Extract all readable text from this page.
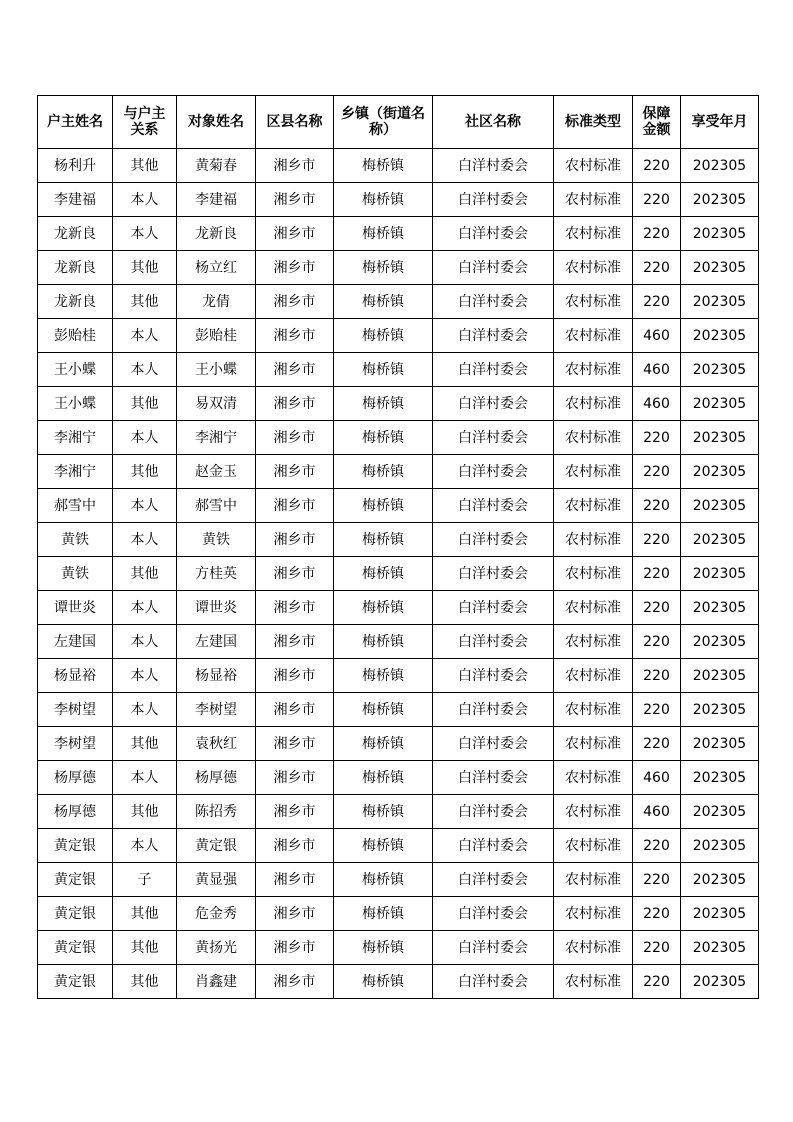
户主姓名	与户主关系	对象姓名	区县名称	乡镇（街道名称）	社区名称	标准类型	保障金额	享受年月
杨利升	其他	黄菊春	湘乡市	梅桥镇	白洋村委会	农村标准	220	202305
李建福	本人	李建福	湘乡市	梅桥镇	白洋村委会	农村标准	220	202305
龙新良	本人	龙新良	湘乡市	梅桥镇	白洋村委会	农村标准	220	202305
龙新良	其他	杨立红	湘乡市	梅桥镇	白洋村委会	农村标准	220	202305
龙新良	其他	龙倩	湘乡市	梅桥镇	白洋村委会	农村标准	220	202305
彭贻桂	本人	彭贻桂	湘乡市	梅桥镇	白洋村委会	农村标准	460	202305
王小蝶	本人	王小蝶	湘乡市	梅桥镇	白洋村委会	农村标准	460	202305
王小蝶	其他	易双清	湘乡市	梅桥镇	白洋村委会	农村标准	460	202305
李湘宁	本人	李湘宁	湘乡市	梅桥镇	白洋村委会	农村标准	220	202305
李湘宁	其他	赵金玉	湘乡市	梅桥镇	白洋村委会	农村标准	220	202305
郝雪中	本人	郝雪中	湘乡市	梅桥镇	白洋村委会	农村标准	220	202305
黄铁	本人	黄铁	湘乡市	梅桥镇	白洋村委会	农村标准	220	202305
黄铁	其他	方桂英	湘乡市	梅桥镇	白洋村委会	农村标准	220	202305
谭世炎	本人	谭世炎	湘乡市	梅桥镇	白洋村委会	农村标准	220	202305
左建国	本人	左建国	湘乡市	梅桥镇	白洋村委会	农村标准	220	202305
杨显裕	本人	杨显裕	湘乡市	梅桥镇	白洋村委会	农村标准	220	202305
李树望	本人	李树望	湘乡市	梅桥镇	白洋村委会	农村标准	220	202305
李树望	其他	袁秋红	湘乡市	梅桥镇	白洋村委会	农村标准	220	202305
杨厚德	本人	杨厚德	湘乡市	梅桥镇	白洋村委会	农村标准	460	202305
杨厚德	其他	陈招秀	湘乡市	梅桥镇	白洋村委会	农村标准	460	202305
黄定银	本人	黄定银	湘乡市	梅桥镇	白洋村委会	农村标准	220	202305
黄定银	子	黄显强	湘乡市	梅桥镇	白洋村委会	农村标准	220	202305
黄定银	其他	危金秀	湘乡市	梅桥镇	白洋村委会	农村标准	220	202305
黄定银	其他	黄扬光	湘乡市	梅桥镇	白洋村委会	农村标准	220	202305
黄定银	其他	肖鑫建	湘乡市	梅桥镇	白洋村委会	农村标准	220	202305
